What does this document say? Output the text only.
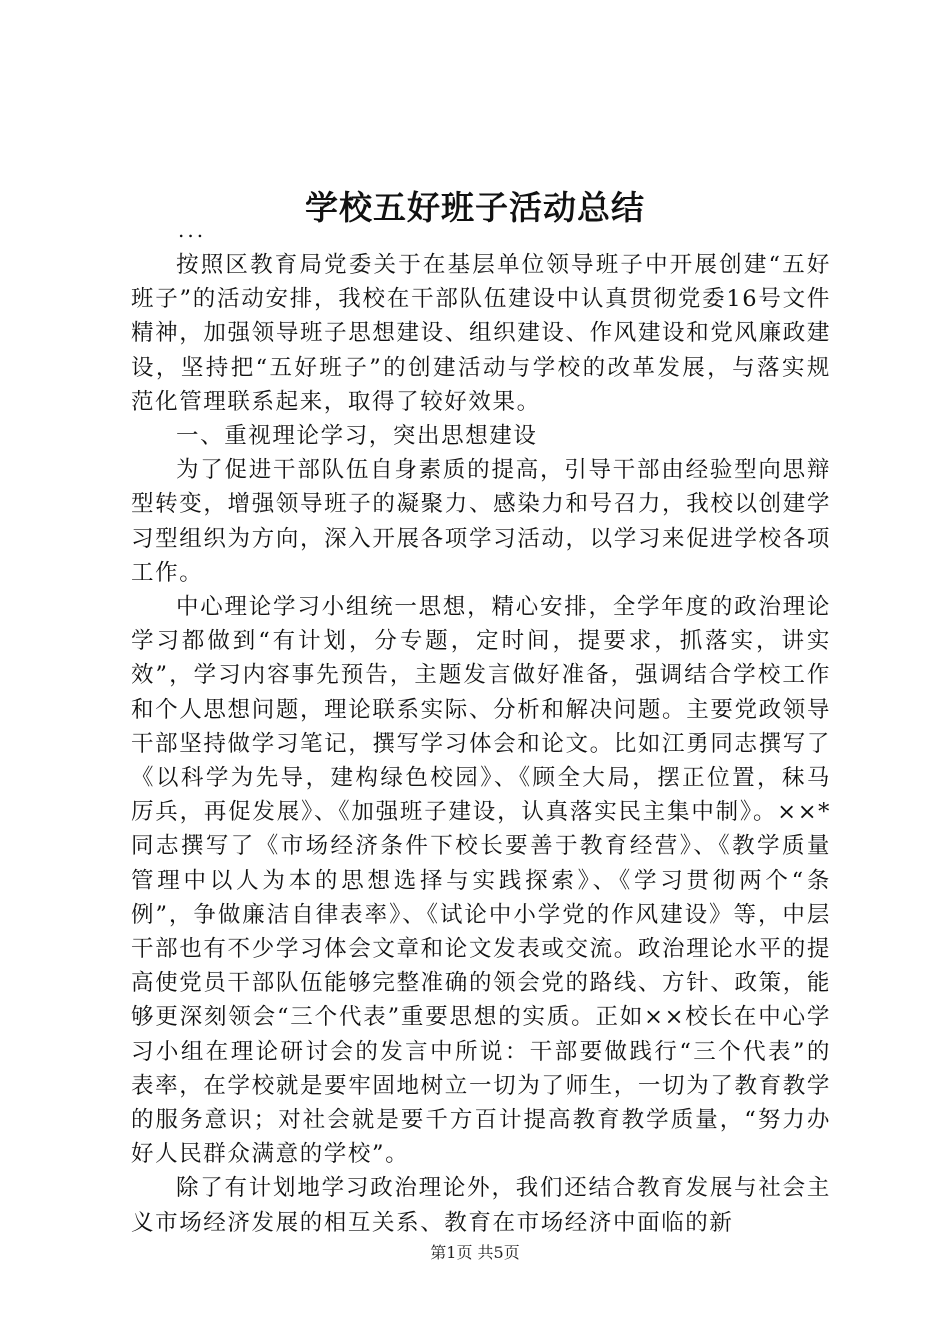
学校五好班子活动总结
...

按照区教育局党委关于在基层单位领导班子中开展创建“五好班子”的活动安排，我校在干部队伍建设中认真贯彻党委16号文件精神，加强领导班子思想建设、组织建设、作风建设和党风廉政建设，坚持把“五好班子”的创建活动与学校的改革发展，与落实规范化管理联系起来，取得了较好效果。

一、重视理论学习，突出思想建设

为了促进干部队伍自身素质的提高，引导干部由经验型向思辩型转变，增强领导班子的凝聚力、感染力和号召力，我校以创建学习型组织为方向，深入开展各项学习活动，以学习来促进学校各项工作。

中心理论学习小组统一思想，精心安排，全学年度的政治理论学习都做到“有计划，分专题，定时间，提要求，抓落实，讲实效”，学习内容事先预告，主题发言做好准备，强调结合学校工作和个人思想问题，理论联系实际、分析和解决问题。主要党政领导干部坚持做学习笔记，撰写学习体会和论文。比如江勇同志撰写了《以科学为先导，建构绿色校园》、《顾全大局，摆正位置，秣马厉兵，再促发展》、《加强班子建设，认真落实民主集中制》。××*同志撰写了《市场经济条件下校长要善于教育经营》、《教学质量管理中以人为本的思想选择与实践探索》、《学习贯彻两个“条例”，争做廉洁自律表率》、《试论中小学党的作风建设》等，中层干部也有不少学习体会文章和论文发表或交流。政治理论水平的提高使党员干部队伍能够完整准确的领会党的路线、方针、政策，能够更深刻领会“三个代表”重要思想的实质。正如××校长在中心学习小组在理论研讨会的发言中所说：干部要做践行“三个代表”的表率，在学校就是要牢固地树立一切为了师生，一切为了教育教学的服务意识；对社会就是要千方百计提高教育教学质量，“努力办好人民群众满意的学校”。

除了有计划地学习政治理论外，我们还结合教育发展与社会主义市场经济发展的相互关系、教育在市场经济中面临的新

第1页 共5页
